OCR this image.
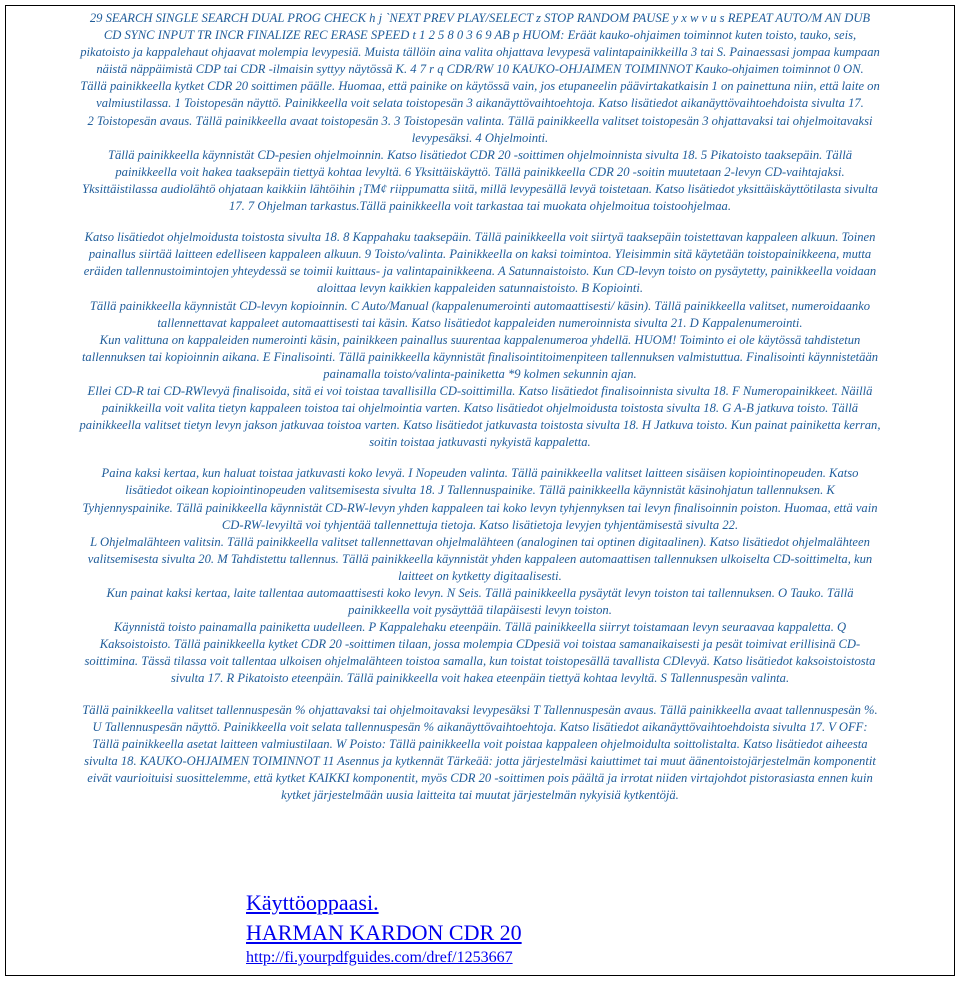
29 SEARCH SINGLE SEARCH DUAL PROG CHECK h j `NEXT PREV PLAY/SELECT z STOP RANDOM PAUSE y x w v u s REPEAT AUTO/M AN DUB
CD SYNC INPUT TR INCR FINALIZE REC ERASE SPEED t 1 2 5 8 0 3 6 9 AB p HUOM: Eräät kauko-ohjaimen toiminnot kuten toisto, tauko, seis,
pikatoisto ja kappalehaut ohjaavat molempia levypesiä. Muista tällöin aina valita ohjattava levypesä valintapainikkeilla 3 tai S. Painaessasi jompaa kumpaan
näistä näppäimistä CDP tai CDR -ilmaisin syttyy näytössä K. 4 7 r q CDR/RW 10 KAUKO-OHJAIMEN TOIMINNOT Kauko-ohjaimen toiminnot 0 ON.
Tällä painikkeella kytket CDR 20 soittimen päälle. Huomaa, että painike on käytössä vain, jos etupaneelin päävirtakatkaisin 1 on painettuna niin, että laite on
valmiustilassa. 1 Toistopesän näyttö. Painikkeella voit selata toistopesän 3 aikanäyttövaihtoehtoja. Katso lisätiedot aikanäyttövaihtoehdoista sivulta 17.
2 Toistopesän avaus. Tällä painikkeella avaat toistopesän 3. 3 Toistopesän valinta. Tällä painikkeella valitset toistopesän 3 ohjattavaksi tai ohjelmoitavaksi
levypesäksi. 4 Ohjelmointi.
Tällä painikkeella käynnistät CD-pesien ohjelmoinnin. Katso lisätiedot CDR 20 -soittimen ohjelmoinnista sivulta 18. 5 Pikatoisto taaksepäin. Tällä
painikkeella voit hakea taaksepäin tiettyä kohtaa levyltä. 6 Yksittäiskäyttö. Tällä painikkeella CDR 20 -soitin muutetaan 2-levyn CD-vaihtajaksi.
Yksittäistilassa audiolähtö ohjataan kaikkiin lähtöihin ¡TM¢ riippumatta siitä, millä levypesällä levyä toistetaan. Katso lisätiedot yksittäiskäyttötilasta sivulta
17. 7 Ohjelman tarkastus.Tällä painikkeella voit tarkastaa tai muokata ohjelmoitua toistoohjelmaa.
Katso lisätiedot ohjelmoidusta toistosta sivulta 18. 8 Kappahaku taaksepäin. Tällä painikkeella voit siirtyä taaksepäin toistettavan kappaleen alkuun. Toinen
painallus siirtää laitteen edelliseen kappaleen alkuun. 9 Toisto/valinta. Painikkeella on kaksi toimintoa. Yleisimmin sitä käytetään toistopainikkeena, mutta
eräiden tallennustoimintojen yhteydessä se toimii kuittaus- ja valintapainikkeena. A Satunnaistoisto. Kun CD-levyn toisto on pysäytetty, painikkeella voidaan
aloittaa levyn kaikkien kappaleiden satunnaistoisto. B Kopiointi.
Tällä painikkeella käynnistät CD-levyn kopioinnin. C Auto/Manual (kappalenumerointi automaattisesti/ käsin). Tällä painikkeella valitset, numeroidaanko
tallennettavat kappaleet automaattisesti tai käsin. Katso lisätiedot kappaleiden numeroinnista sivulta 21. D Kappalenumerointi.
Kun valittuna on kappaleiden numerointi käsin, painikkeen painallus suurentaa kappalenumeroa yhdellä. HUOM! Toiminto ei ole käytössä tahdistetun
tallennuksen tai kopioinnin aikana. E Finalisointi. Tällä painikkeella käynnistät finalisointitoimenpiteen tallennuksen valmistuttua. Finalisointi käynnistetään
painamalla toisto/valinta-painiketta *9 kolmen sekunnin ajan.
Ellei CD-R tai CD-RWlevyä finalisoida, sitä ei voi toistaa tavallisilla CD-soittimilla. Katso lisätiedot finalisoinnista sivulta 18. F Numeropainikkeet. Näillä
painikkeilla voit valita tietyn kappaleen toistoa tai ohjelmointia varten. Katso lisätiedot ohjelmoidusta toistosta sivulta 18. G A-B jatkuva toisto. Tällä
painikkeella valitset tietyn levyn jakson jatkuvaa toistoa varten. Katso lisätiedot jatkuvasta toistosta sivulta 18. H Jatkuva toisto. Kun painat painiketta kerran,
soitin toistaa jatkuvasti nykyistä kappaletta.
Paina kaksi kertaa, kun haluat toistaa jatkuvasti koko levyä. I Nopeuden valinta. Tällä painikkeella valitset laitteen sisäisen kopiointinopeuden. Katso
lisätiedot oikean kopiointinopeuden valitsemisesta sivulta 18. J Tallennuspainike. Tällä painikkeella käynnistät käsinohjatun tallennuksen. K
Tyhjennyspainike. Tällä painikkeella käynnistät CD-RW-levyn yhden kappaleen tai koko levyn tyhjennyksen tai levyn finalisoinnin poiston. Huomaa, että vain
CD-RW-levyiltä voi tyhjentää tallennettuja tietoja. Katso lisätietoja levyjen tyhjentämisestä sivulta 22.
L Ohjelmalähteen valitsin. Tällä painikkeella valitset tallennettavan ohjelmalähteen (analoginen tai optinen digitaalinen). Katso lisätiedot ohjelmalähteen
valitsemisesta sivulta 20. M Tahdistettu tallennus. Tällä painikkeella käynnistät yhden kappaleen automaattisen tallennuksen ulkoiselta CD-soittimelta, kun
laitteet on kytketty digitaalisesti.
Kun painat kaksi kertaa, laite tallentaa automaattisesti koko levyn. N Seis. Tällä painikkeella pysäytät levyn toiston tai tallennuksen. O Tauko. Tällä
painikkeella voit pysäyttää tilapäisesti levyn toiston.
Käynnistä toisto painamalla painiketta uudelleen. P Kappalehaku eteenpäin. Tällä painikkeella siirryt toistamaan levyn seuraavaa kappaletta. Q
Kaksoistoisto. Tällä painikkeella kytket CDR 20 -soittimen tilaan, jossa molempia CDpesiä voi toistaa samanaikaisesti ja pesät toimivat erillisinä CD-
soittimina. Tässä tilassa voit tallentaa ulkoisen ohjelmalähteen toistoa samalla, kun toistat toistopesällä tavallista CDlevyä. Katso lisätiedot kaksoistoistosta
sivulta 17. R Pikatoisto eteenpäin. Tällä painikkeella voit hakea eteenpäin tiettyä kohtaa levyltä. S Tallennuspesän valinta.
Tällä painikkeella valitset tallennuspesän % ohjattavaksi tai ohjelmoitavaksi levypesäksi T Tallennuspesän avaus. Tällä painikkeella avaat tallennuspesän %.
U Tallennuspesän näyttö. Painikkeella voit selata tallennuspesän % aikanäyttövaihtoehtoja. Katso lisätiedot aikanäyttövaihtoehdoista sivulta 17. V OFF:
Tällä painikkeella asetat laitteen valmiustilaan. W Poisto: Tällä painikkeella voit poistaa kappaleen ohjelmoidulta soittolistalta. Katso lisätiedot aiheesta
sivulta 18. KAUKO-OHJAIMEN TOIMINNOT 11 Asennus ja kytkennät Tärkeää: jotta järjestelmäsi kaiuttimet tai muut äänentoistojärjestelmän komponentit
eivät vaurioituisi suosittelemme, että kytket KAIKKI komponentit, myös CDR 20 -soittimen pois päältä ja irrotat niiden virtajohdot pistorasiasta ennen kuin
kytket järjestelmään uusia laitteita tai muutat järjestelmän nykyisiä kytkentöjä.
Käyttöoppaasi.
HARMAN KARDON CDR 20
http://fi.yourpdfguides.com/dref/1253667
